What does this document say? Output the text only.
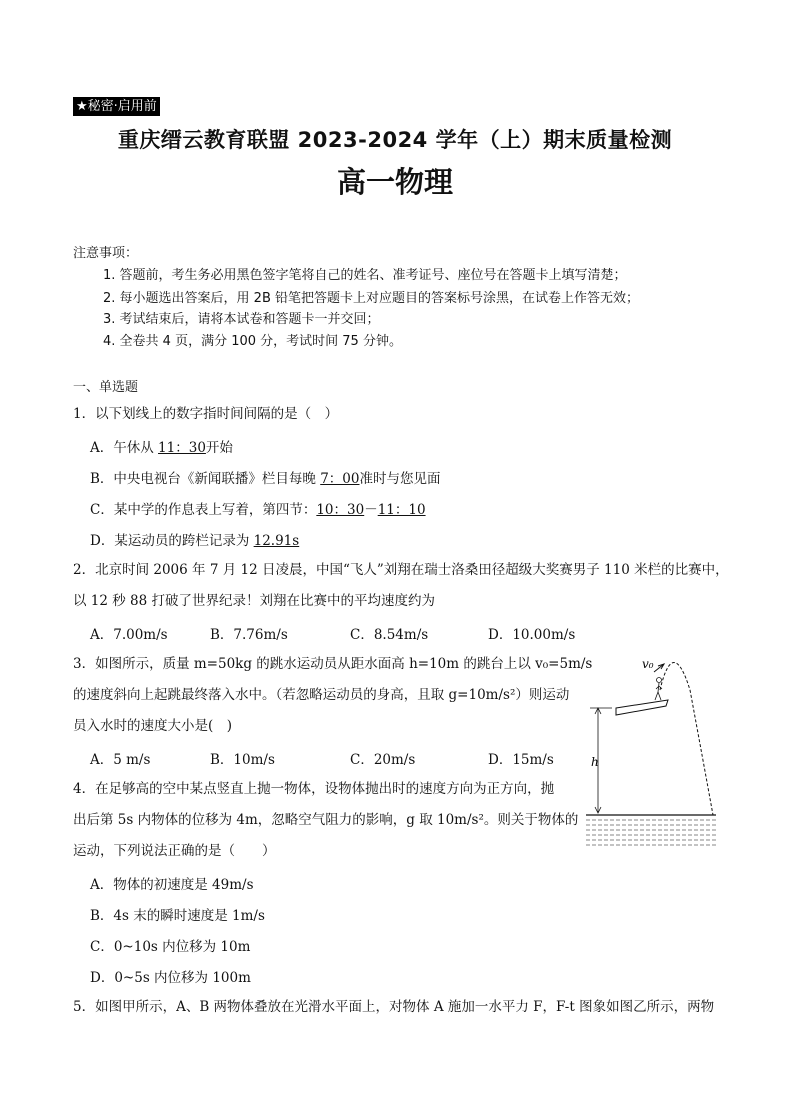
★秘密·启用前
重庆缙云教育联盟 2023-2024 学年（上）期末质量检测
高一物理
注意事项：
1. 答题前，考生务必用黑色签字笔将自己的姓名、准考证号、座位号在答题卡上填写清楚；
2. 每小题选出答案后，用 2B 铅笔把答题卡上对应题目的答案标号涂黑，在试卷上作答无效；
3. 考试结束后，请将本试卷和答题卡一并交回；
4. 全卷共 4 页，满分 100 分，考试时间 75 分钟。
一、单选题
1．以下划线上的数字指时间间隔的是（　）
A．午休从 11：30开始
B．中央电视台《新闻联播》栏目每晚 7：00准时与您见面
C．某中学的作息表上写着，第四节：10：30－11：10
D．某运动员的跨栏记录为 12.91s
2．北京时间 2006 年 7 月 12 日凌晨，中国“飞人”刘翔在瑞士洛桑田径超级大奖赛男子 110 米栏的比赛中，
以 12 秒 88 打破了世界纪录！刘翔在比赛中的平均速度约为
A．7.00m/s	B．7.76m/s	C．8.54m/s	D．10.00m/s
3．如图所示，质量 m=50kg 的跳水运动员从距水面高 h=10m 的跳台上以 v₀=5m/s
的速度斜向上起跳最终落入水中。（若忽略运动员的身高，且取 g=10m/s²）则运动
员入水时的速度大小是(　)
A．5 m/s	B．10m/s	C．20m/s	D．15m/s
v₀
h
4．在足够高的空中某点竖直上抛一物体，设物体抛出时的速度方向为正方向，抛
出后第 5s 内物体的位移为 4m，忽略空气阻力的影响，g 取 10m/s²。则关于物体的
运动，下列说法正确的是（　　）
A．物体的初速度是 49m/s
B．4s 末的瞬时速度是 1m/s
C．0~10s 内位移为 10m
D．0~5s 内位移为 100m
5．如图甲所示，A、B 两物体叠放在光滑水平面上，对物体 A 施加一水平力 F，F-t 图象如图乙所示，两物
